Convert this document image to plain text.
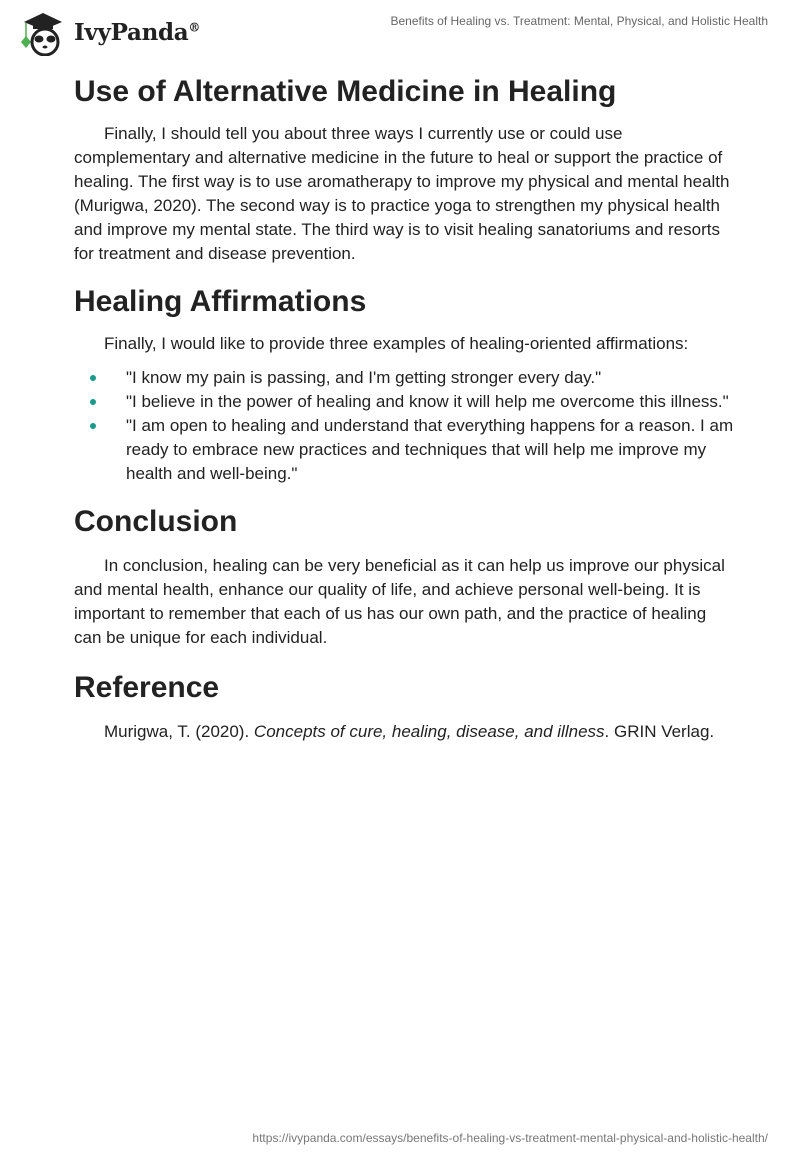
IvyPanda®	Benefits of Healing vs. Treatment: Mental, Physical, and Holistic Health
Use of Alternative Medicine in Healing

Finally, I should tell you about three ways I currently use or could use complementary and alternative medicine in the future to heal or support the practice of healing. The first way is to use aromatherapy to improve my physical and mental health (Murigwa, 2020). The second way is to practice yoga to strengthen my physical health and improve my mental state. The third way is to visit healing sanatoriums and resorts for treatment and disease prevention.

Healing Affirmations

Finally, I would like to provide three examples of healing-oriented affirmations:

"I know my pain is passing, and I'm getting stronger every day."
"I believe in the power of healing and know it will help me overcome this illness."
"I am open to healing and understand that everything happens for a reason. I am ready to embrace new practices and techniques that will help me improve my health and well-being."
Conclusion

In conclusion, healing can be very beneficial as it can help us improve our physical and mental health, enhance our quality of life, and achieve personal well-being. It is important to remember that each of us has our own path, and the practice of healing can be unique for each individual.

Reference

Murigwa, T. (2020). Concepts of cure, healing, disease, and illness. GRIN Verlag.

https://ivypanda.com/essays/benefits-of-healing-vs-treatment-mental-physical-and-holistic-health/
